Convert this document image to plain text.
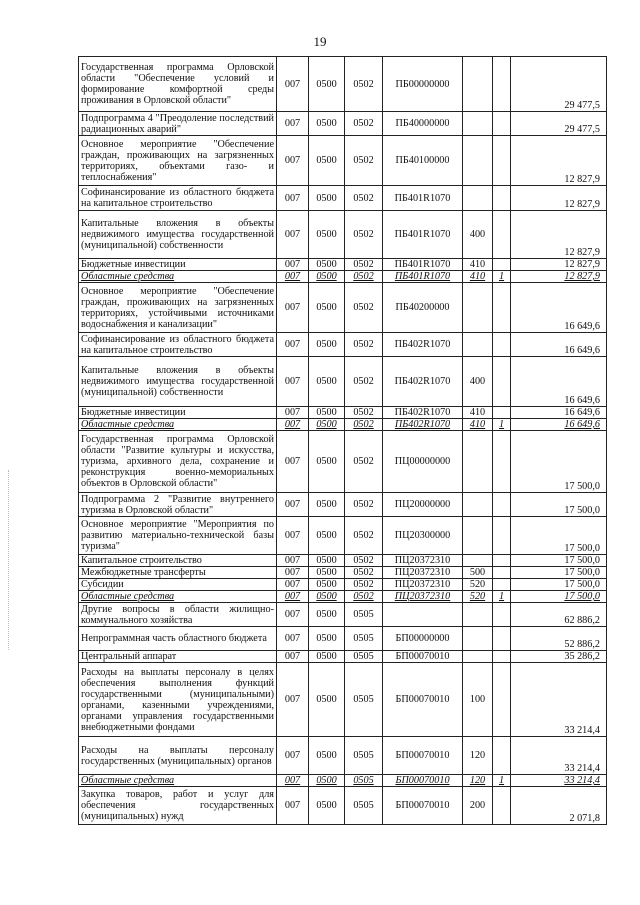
19
Государственная программа Орловской области "Обеспечение условий и формирование комфортной среды проживания в Орловской области"	007	0500	0502	ПБ00000000			29 477,5
Подпрограмма 4 "Преодоление последствий радиационных аварий"	007	0500	0502	ПБ40000000			29 477,5
Основное мероприятие "Обеспечение граждан, проживающих на загрязненных территориях, объектами газо- и теплоснабжения"	007	0500	0502	ПБ40100000			12 827,9
Софинансирование из областного бюджета на капитальное строительство	007	0500	0502	ПБ401R1070			12 827,9
Капитальные вложения в объекты недвижимого имущества государственной (муниципальной) собственности	007	0500	0502	ПБ401R1070	400		12 827,9
Бюджетные инвестиции	007	0500	0502	ПБ401R1070	410		12 827,9
Областные средства	007	0500	0502	ПБ401R1070	410	1	12 827,9
Основное мероприятие "Обеспечение граждан, проживающих на загрязненных территориях, устойчивыми источниками водоснабжения и канализации"	007	0500	0502	ПБ40200000			16 649,6
Софинансирование из областного бюджета на капитальное строительство	007	0500	0502	ПБ402R1070			16 649,6
Капитальные вложения в объекты недвижимого имущества государственной (муниципальной) собственности	007	0500	0502	ПБ402R1070	400		16 649,6
Бюджетные инвестиции	007	0500	0502	ПБ402R1070	410		16 649,6
Областные средства	007	0500	0502	ПБ402R1070	410	1	16 649,6
Государственная программа Орловской области "Развитие культуры и искусства, туризма, архивного дела, сохранение и реконструкция военно-мемориальных объектов в Орловской области"	007	0500	0502	ПЦ00000000			17 500,0
Подпрограмма 2 "Развитие внутреннего туризма в Орловской области"	007	0500	0502	ПЦ20000000			17 500,0
Основное мероприятие "Мероприятия по развитию материально-технической базы туризма"	007	0500	0502	ПЦ20300000			17 500,0
Капитальное строительство	007	0500	0502	ПЦ20372310			17 500,0
Межбюджетные трансферты	007	0500	0502	ПЦ20372310	500		17 500,0
Субсидии	007	0500	0502	ПЦ20372310	520		17 500,0
Областные средства	007	0500	0502	ПЦ20372310	520	1	17 500,0
Другие вопросы в области жилищно-коммунального хозяйства	007	0500	0505				62 886,2
Непрограммная часть областного бюджета	007	0500	0505	БП00000000			52 886,2
Центральный аппарат	007	0500	0505	БП00070010			35 286,2
Расходы на выплаты персоналу в целях обеспечения выполнения функций государственными (муниципальными) органами, казенными учреждениями, органами управления государственными внебюджетными фондами	007	0500	0505	БП00070010	100		33 214,4
Расходы на выплаты персоналу государственных (муниципальных) органов	007	0500	0505	БП00070010	120		33 214,4
Областные средства	007	0500	0505	БП00070010	120	1	33 214,4
Закупка товаров, работ и услуг для обеспечения государственных (муниципальных) нужд	007	0500	0505	БП00070010	200		2 071,8
